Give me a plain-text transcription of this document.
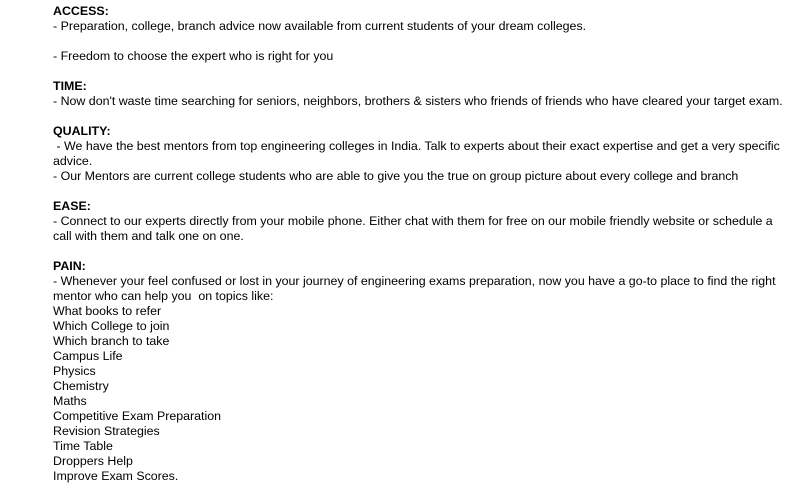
ACCESS:
- Preparation, college, branch advice now available from current students of your dream colleges.
- Freedom to choose the expert who is right for you
TIME:
- Now don't waste time searching for seniors, neighbors, brothers & sisters who friends of friends who have cleared your target exam.
QUALITY:
- We have the best mentors from top engineering colleges in India. Talk to experts about their exact expertise and get a very specific advice.
- Our Mentors are current college students who are able to give you the true on group picture about every college and branch
EASE:
- Connect to our experts directly from your mobile phone. Either chat with them for free on our mobile friendly website or schedule a call with them and talk one on one.
PAIN:
- Whenever your feel confused or lost in your journey of engineering exams preparation, now you have a go-to place to find the right mentor who can help you  on topics like:
What books to refer
Which College to join
Which branch to take
Campus Life
Physics
Chemistry
Maths
Competitive Exam Preparation
Revision Strategies
Time Table
Droppers Help
Improve Exam Scores.
